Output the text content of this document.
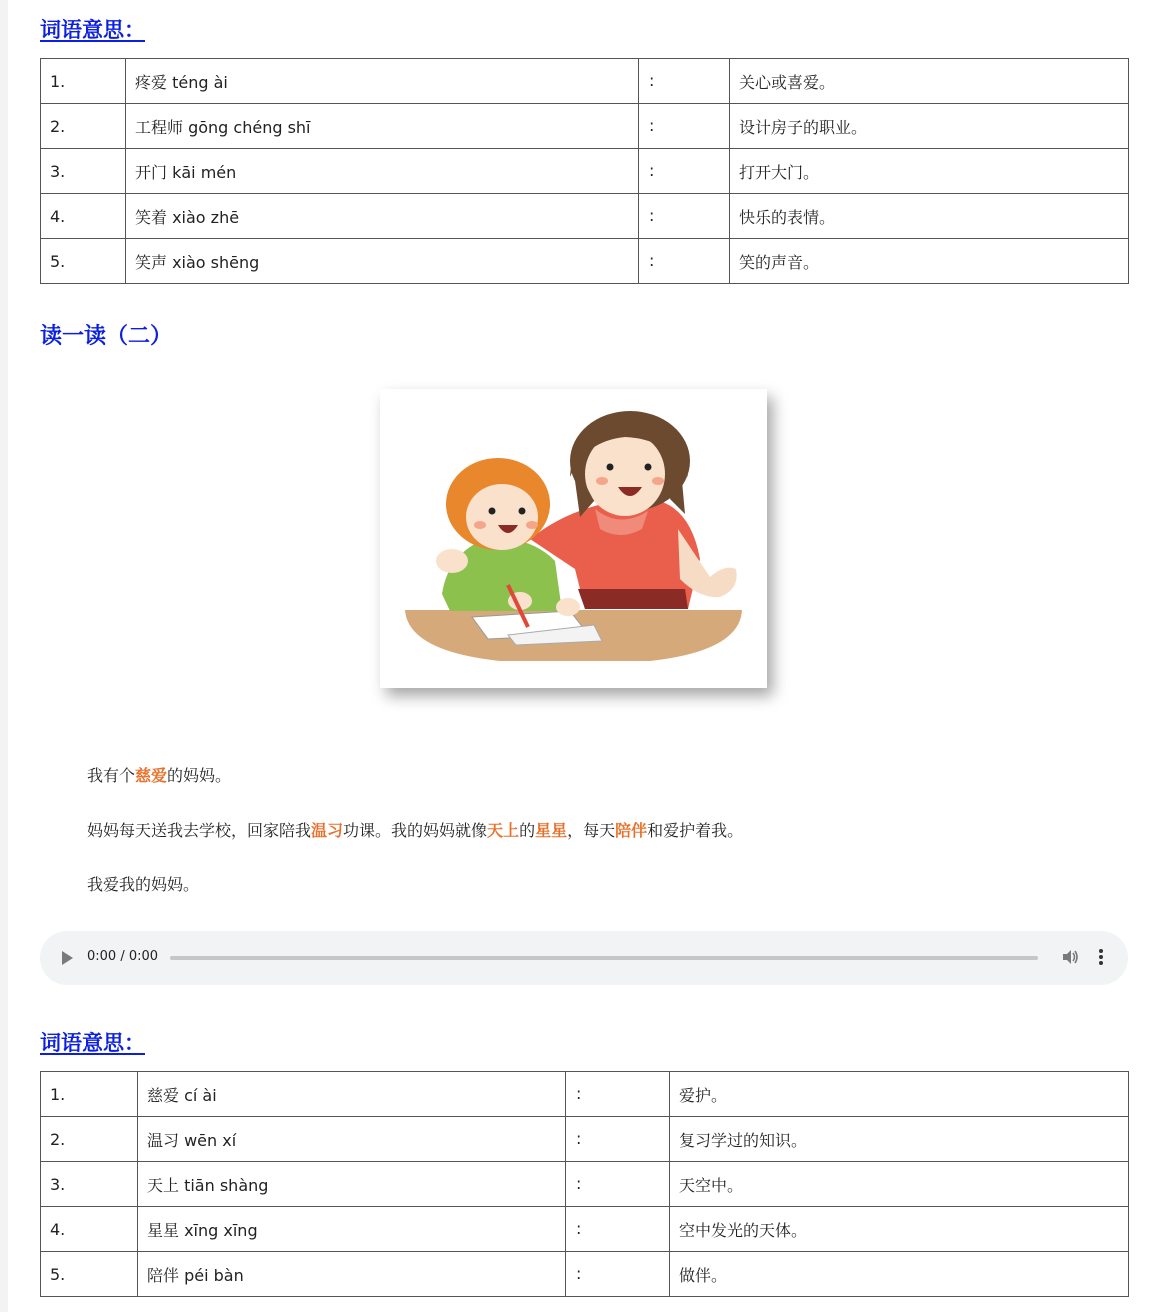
词语意思：
1.	疼爱 téng ài	:	关心或喜爱。
2.	工程师 gōng chéng shī	:	设计房子的职业。
3.	开门 kāi mén	:	打开大门。
4.	笑着 xiào zhē	:	快乐的表情。
5.	笑声 xiào shēng	:	笑的声音。
读一读（二）

我有个慈爱的妈妈。

妈妈每天送我去学校，回家陪我温习功课。我的妈妈就像天上的星星，每天陪伴和爱护着我。

我爱我的妈妈。

0:00 / 0:00
词语意思：
1.	慈爱 cí ài	:	爱护。
2.	温习 wēn xí	:	复习学过的知识。
3.	天上 tiān shàng	:	天空中。
4.	星星 xīng xīng	:	空中发光的天体。
5.	陪伴 péi bàn	:	做伴。
